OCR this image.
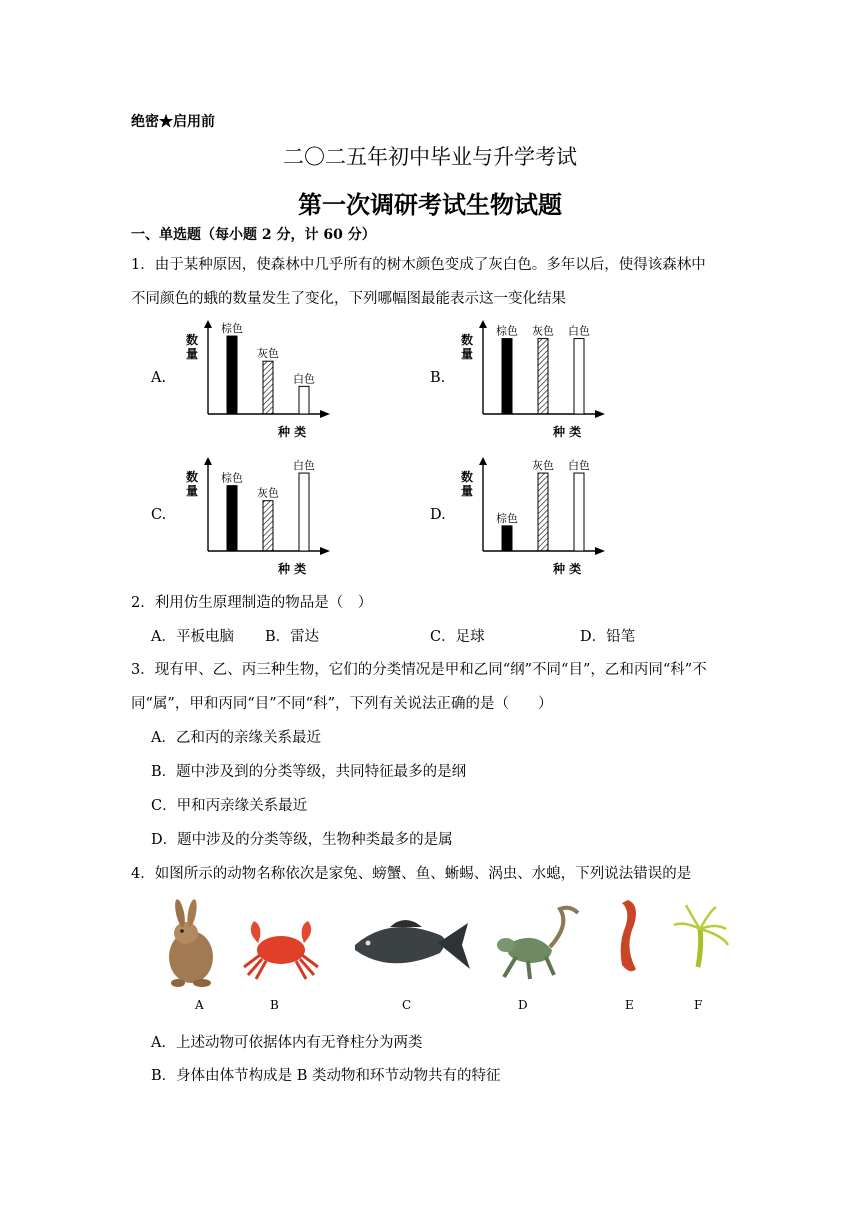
绝密★启用前
二〇二五年初中毕业与升学考试
第一次调研考试生物试题
一、单选题（每小题 2 分，计 60 分）
1．由于某种原因，使森林中几乎所有的树木颜色变成了灰白色。多年以后，使得该森林中
不同颜色的蛾的数量发生了变化，下列哪幅图最能表示这一变化结果
A.	B.
C.	D.
数量
种 类
棕色
灰色
白色
数量
种 类
棕色 灰色 白色
数量
种 类
棕色
灰色
白色
数量
种 类
棕色
灰色 白色
2．利用仿生原理制造的物品是（　）
A．平板电脑 B．雷达	C．足球	D．铅笔
3．现有甲、乙、丙三种生物，它们的分类情况是甲和乙同“纲”不同“目”，乙和丙同“科”不
同“属”，甲和丙同“目”不同“科”，下列有关说法正确的是（　　）
A．乙和丙的亲缘关系最近
B．题中涉及到的分类等级，共同特征最多的是纲
C．甲和丙亲缘关系最近
D．题中涉及的分类等级，生物种类最多的是属
4．如图所示的动物名称依次是家兔、螃蟹、鱼、蜥蜴、涡虫、水螅，下列说法错误的是
A	B	C	D	E	F
A．上述动物可依据体内有无脊柱分为两类
B．身体由体节构成是 B 类动物和环节动物共有的特征
